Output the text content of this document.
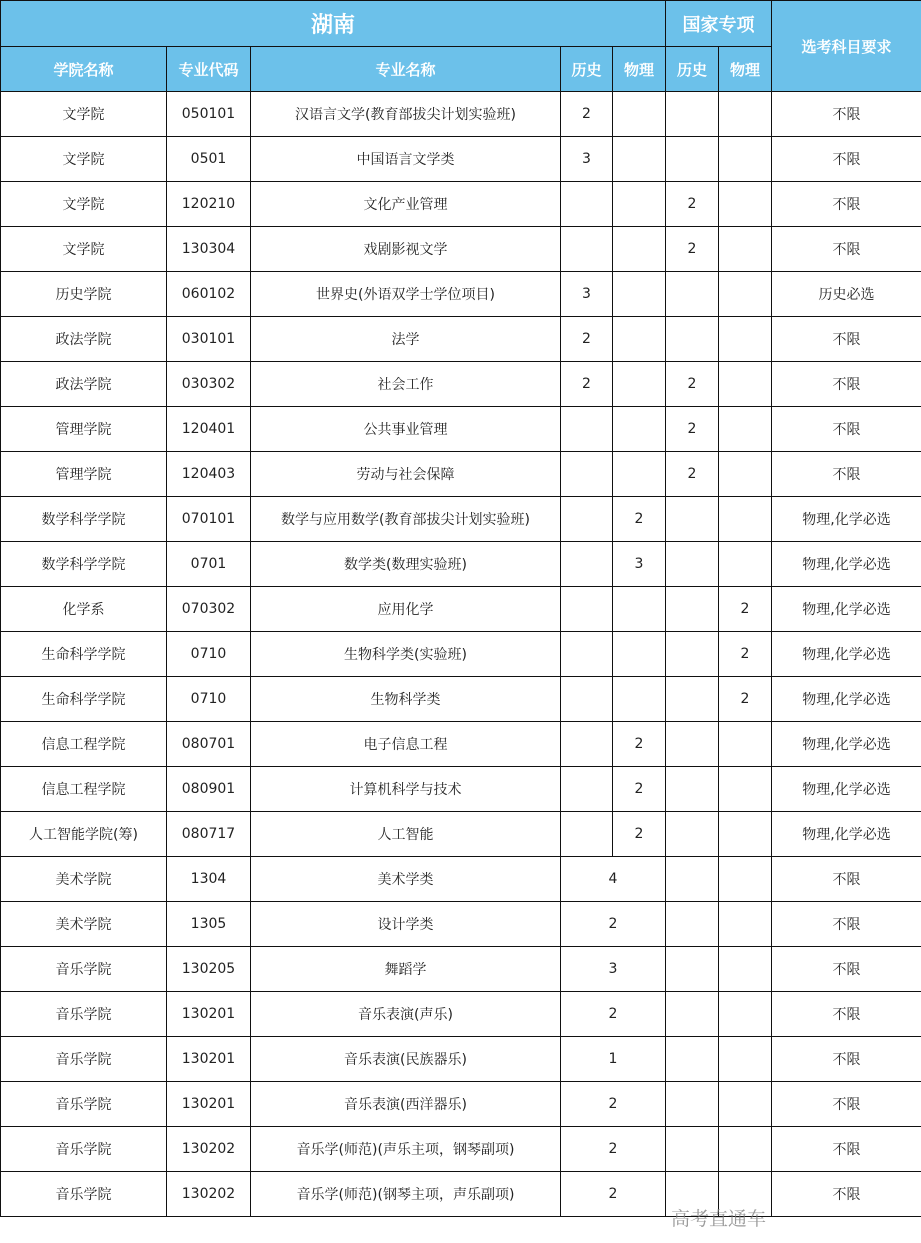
湖南					国家专项		选考科目要求
学院名称	专业代码	专业名称	历史	物理	历史	物理	
文学院	050101	汉语言文学(教育部拔尖计划实验班)	2				不限
文学院	0501	中国语言文学类	3				不限
文学院	120210	文化产业管理			2		不限
文学院	130304	戏剧影视文学			2		不限
历史学院	060102	世界史(外语双学士学位项目)	3				历史必选
政法学院	030101	法学	2				不限
政法学院	030302	社会工作	2		2		不限
管理学院	120401	公共事业管理			2		不限
管理学院	120403	劳动与社会保障			2		不限
数学科学学院	070101	数学与应用数学(教育部拔尖计划实验班)		2			物理,化学必选
数学科学学院	0701	数学类(数理实验班)		3			物理,化学必选
化学系	070302	应用化学				2	物理,化学必选
生命科学学院	0710	生物科学类(实验班)				2	物理,化学必选
生命科学学院	0710	生物科学类				2	物理,化学必选
信息工程学院	080701	电子信息工程		2			物理,化学必选
信息工程学院	080901	计算机科学与技术		2			物理,化学必选
人工智能学院(筹)	080717	人工智能		2			物理,化学必选
美术学院	1304	美术学类	4				不限
美术学院	1305	设计学类	2				不限
音乐学院	130205	舞蹈学	3				不限
音乐学院	130201	音乐表演(声乐)	2				不限
音乐学院	130201	音乐表演(民族器乐)	1				不限
音乐学院	130201	音乐表演(西洋器乐)	2				不限
音乐学院	130202	音乐学(师范)(声乐主项，钢琴副项)	2				不限
音乐学院	130202	音乐学(师范)(钢琴主项，声乐副项)	2				不限
高考直通车
